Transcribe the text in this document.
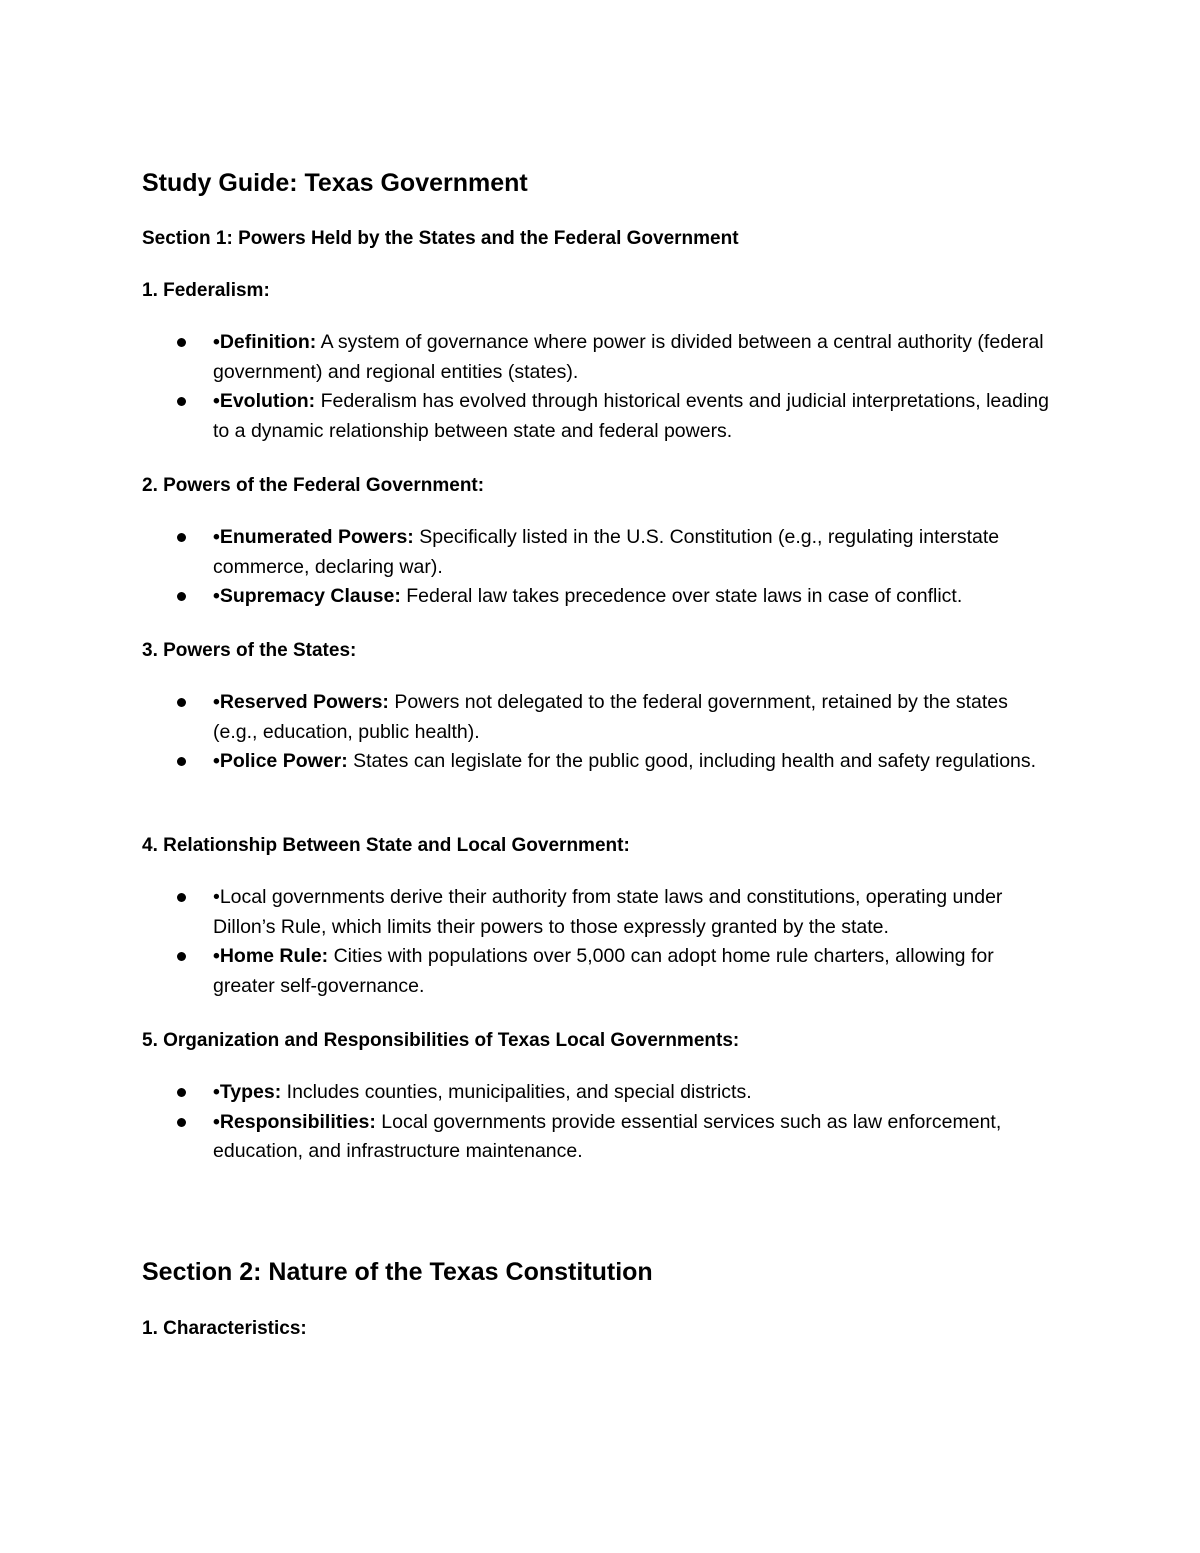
Study Guide: Texas Government
Section 1: Powers Held by the States and the Federal Government
1. Federalism:
•Definition: A system of governance where power is divided between a central authority (federal government) and regional entities (states).
•Evolution: Federalism has evolved through historical events and judicial interpretations, leading to a dynamic relationship between state and federal powers.
2. Powers of the Federal Government:
•Enumerated Powers: Specifically listed in the U.S. Constitution (e.g., regulating interstate commerce, declaring war).
•Supremacy Clause: Federal law takes precedence over state laws in case of conflict.
3. Powers of the States:
•Reserved Powers: Powers not delegated to the federal government, retained by the states (e.g., education, public health).
•Police Power: States can legislate for the public good, including health and safety regulations.
4. Relationship Between State and Local Government:
•Local governments derive their authority from state laws and constitutions, operating under Dillon’s Rule, which limits their powers to those expressly granted by the state.
•Home Rule: Cities with populations over 5,000 can adopt home rule charters, allowing for greater self-governance.
5. Organization and Responsibilities of Texas Local Governments:
•Types: Includes counties, municipalities, and special districts.
•Responsibilities: Local governments provide essential services such as law enforcement, education, and infrastructure maintenance.
Section 2: Nature of the Texas Constitution
1. Characteristics:
